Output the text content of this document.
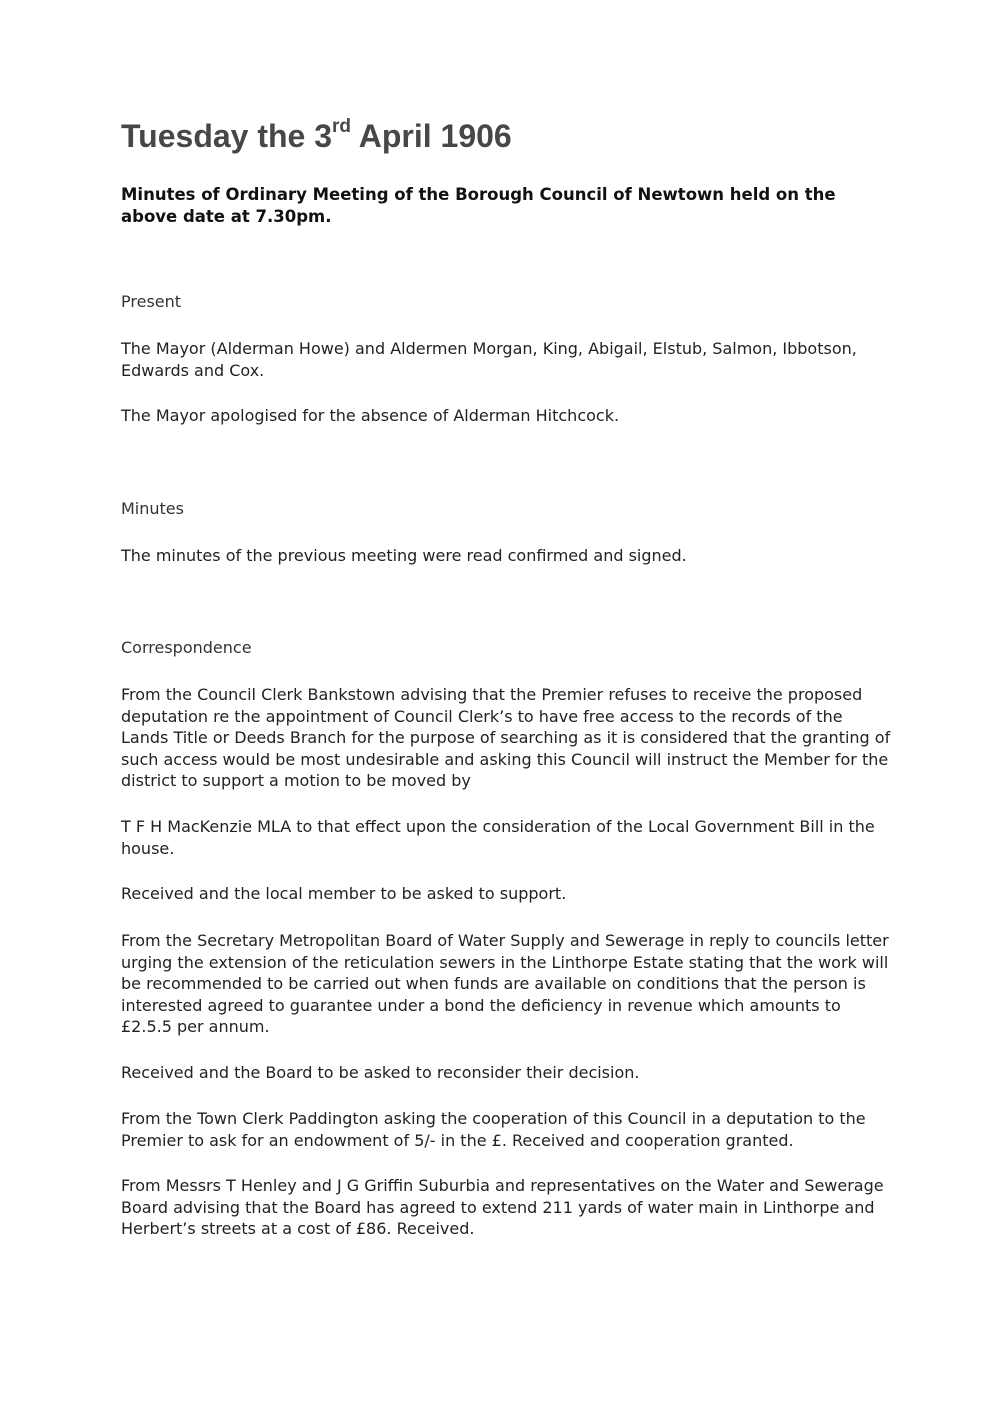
Tuesday the 3rd April 1906

Minutes of Ordinary Meeting of the Borough Council of Newtown held on the above date at 7.30pm.

Present

The Mayor (Alderman Howe) and Aldermen Morgan, King, Abigail, Elstub, Salmon, Ibbotson, Edwards and Cox.

The Mayor apologised for the absence of Alderman Hitchcock.

Minutes

The minutes of the previous meeting were read confirmed and signed.

Correspondence

From the Council Clerk Bankstown advising that the Premier refuses to receive the proposed deputation re the appointment of Council Clerk’s to have free access to the records of the Lands Title or Deeds Branch for the purpose of searching as it is considered that the granting of such access would be most undesirable and asking this Council will instruct the Member for the district to support a motion to be moved by

T F H MacKenzie MLA to that effect upon the consideration of the Local Government Bill in the house.

Received and the local member to be asked to support.

From the Secretary Metropolitan Board of Water Supply and Sewerage in reply to councils letter urging the extension of the reticulation sewers in the Linthorpe Estate stating that the work will be recommended to be carried out when funds are available on conditions that the person is interested agreed to guarantee under a bond the deficiency in revenue which amounts to £2.5.5 per annum.

Received and the Board to be asked to reconsider their decision.

From the Town Clerk Paddington asking the cooperation of this Council in a deputation to the Premier to ask for an endowment of 5/- in the £. Received and cooperation granted.

From Messrs T Henley and J G Griffin Suburbia and representatives on the Water and Sewerage Board advising that the Board has agreed to extend 211 yards of water main in Linthorpe and Herbert’s streets at a cost of £86. Received.
